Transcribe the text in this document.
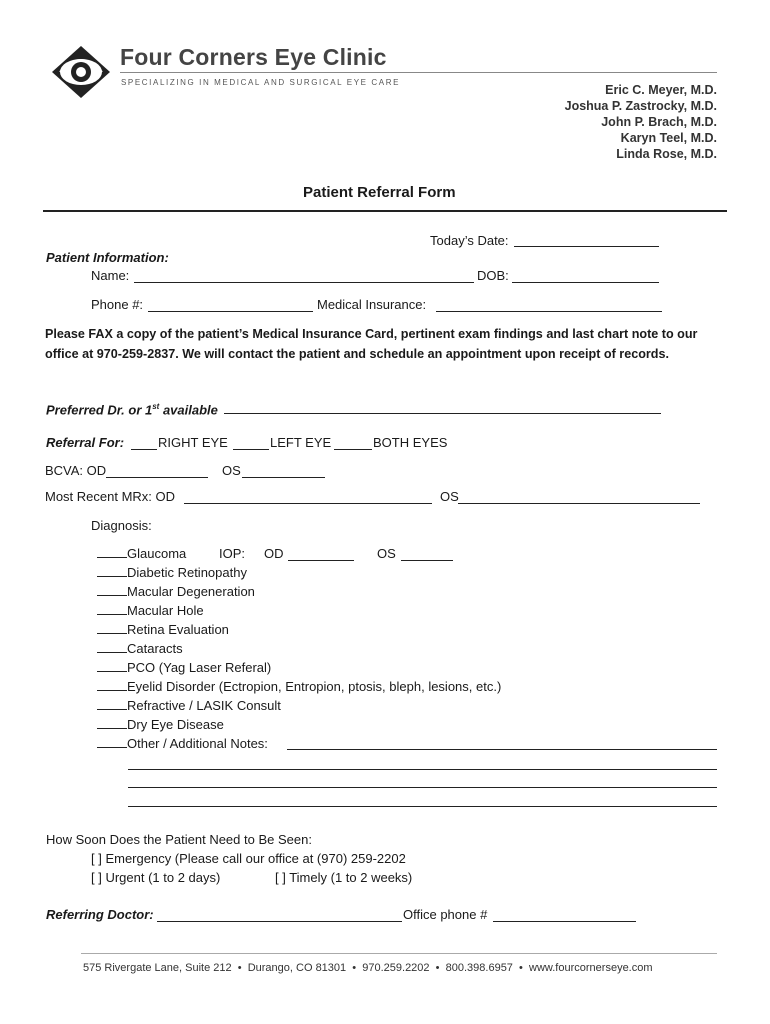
Four Corners Eye Clinic
SPECIALIZING IN MEDICAL AND SURGICAL EYE CARE
Eric C. Meyer, M.D.
Joshua P. Zastrocky, M.D.
John P. Brach, M.D.
Karyn Teel, M.D.
Linda Rose, M.D.
Patient Referral Form
Today’s Date:
Patient Information:
Name:	DOB:
Phone #:	Medical Insurance:
Please FAX a copy of the patient’s Medical Insurance Card, pertinent exam findings and last chart note to our office at 970-259-2837. We will contact the patient and schedule an appointment upon receipt of records.
Preferred Dr. or 1st available
Referral For:	RIGHT EYE	LEFT EYE	BOTH EYES
BCVA: OD	OS
Most Recent MRx: OD	OS
Diagnosis:
Glaucoma	IOP: OD	OS
Diabetic Retinopathy
Macular Degeneration
Macular Hole
Retina Evaluation
Cataracts
PCO (Yag Laser Referal)
Eyelid Disorder (Ectropion, Entropion, ptosis, bleph, lesions, etc.)
Refractive / LASIK Consult
Dry Eye Disease
Other / Additional Notes:
How Soon Does the Patient Need to Be Seen:
[ ] Emergency (Please call our office at (970) 259-2202
[ ] Urgent (1 to 2 days)	[ ] Timely (1 to 2 weeks)
Referring Doctor:	Office phone #
575 Rivergate Lane, Suite 212  •  Durango, CO 81301  •  970.259.2202  •  800.398.6957  •  www.fourcornerseye.com
